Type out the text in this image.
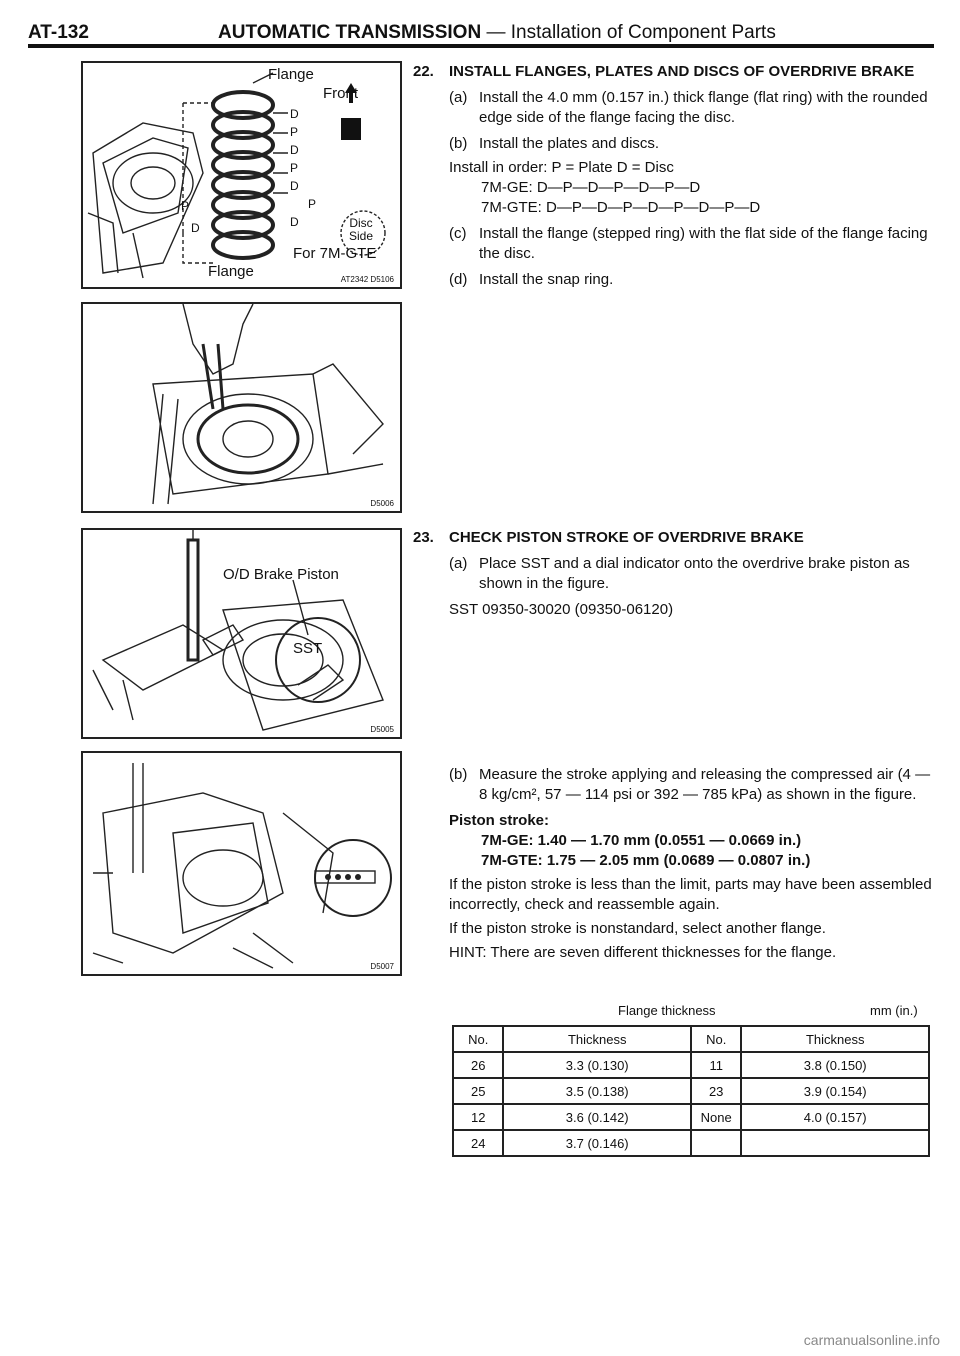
AT-132	AUTOMATIC TRANSMISSION — Installation of Component Parts
Flange
Front
D
P
D
P
D
P
D
P
D	Disc
Side
For 7M-GTE
Flange	AT2342 D5106
D5006
O/D Brake Piston
SST
D5005
D5007
22.	INSTALL FLANGES, PLATES AND DISCS OF OVERDRIVE BRAKE
(a) Install the 4.0 mm (0.157 in.) thick flange (flat ring) with the rounded edge side of the flange facing the disc.
(b) Install the plates and discs.
Install in order: P = Plate D = Disc
7M-GE: D—P—D—P—D—P—D
7M-GTE: D—P—D—P—D—P—D—P—D
(c) Install the flange (stepped ring) with the flat side of the flange facing the disc.
(d) Install the snap ring.
23.	CHECK PISTON STROKE OF OVERDRIVE BRAKE
(a) Place SST and a dial indicator onto the overdrive brake piston as shown in the figure.
SST 09350-30020 (09350-06120)
(b) Measure the stroke applying and releasing the compressed air (4 — 8 kg/cm², 57 — 114 psi or 392 — 785 kPa) as shown in the figure.
Piston stroke:
7M-GE: 1.40 — 1.70 mm (0.0551 — 0.0669 in.)
7M-GTE: 1.75 — 2.05 mm (0.0689 — 0.0807 in.)
If the piston stroke is less than the limit, parts may have been assembled incorrectly, check and reassemble again.
If the piston stroke is nonstandard, select another flange.
HINT: There are seven different thicknesses for the flange.
Flange thickness	mm (in.)
No.	Thickness	No.	Thickness
26	3.3 (0.130)	11	3.8 (0.150)
25	3.5 (0.138)	23	3.9 (0.154)
12	3.6 (0.142)	None	4.0 (0.157)
24	3.7 (0.146)		
carmanualsonline.info
